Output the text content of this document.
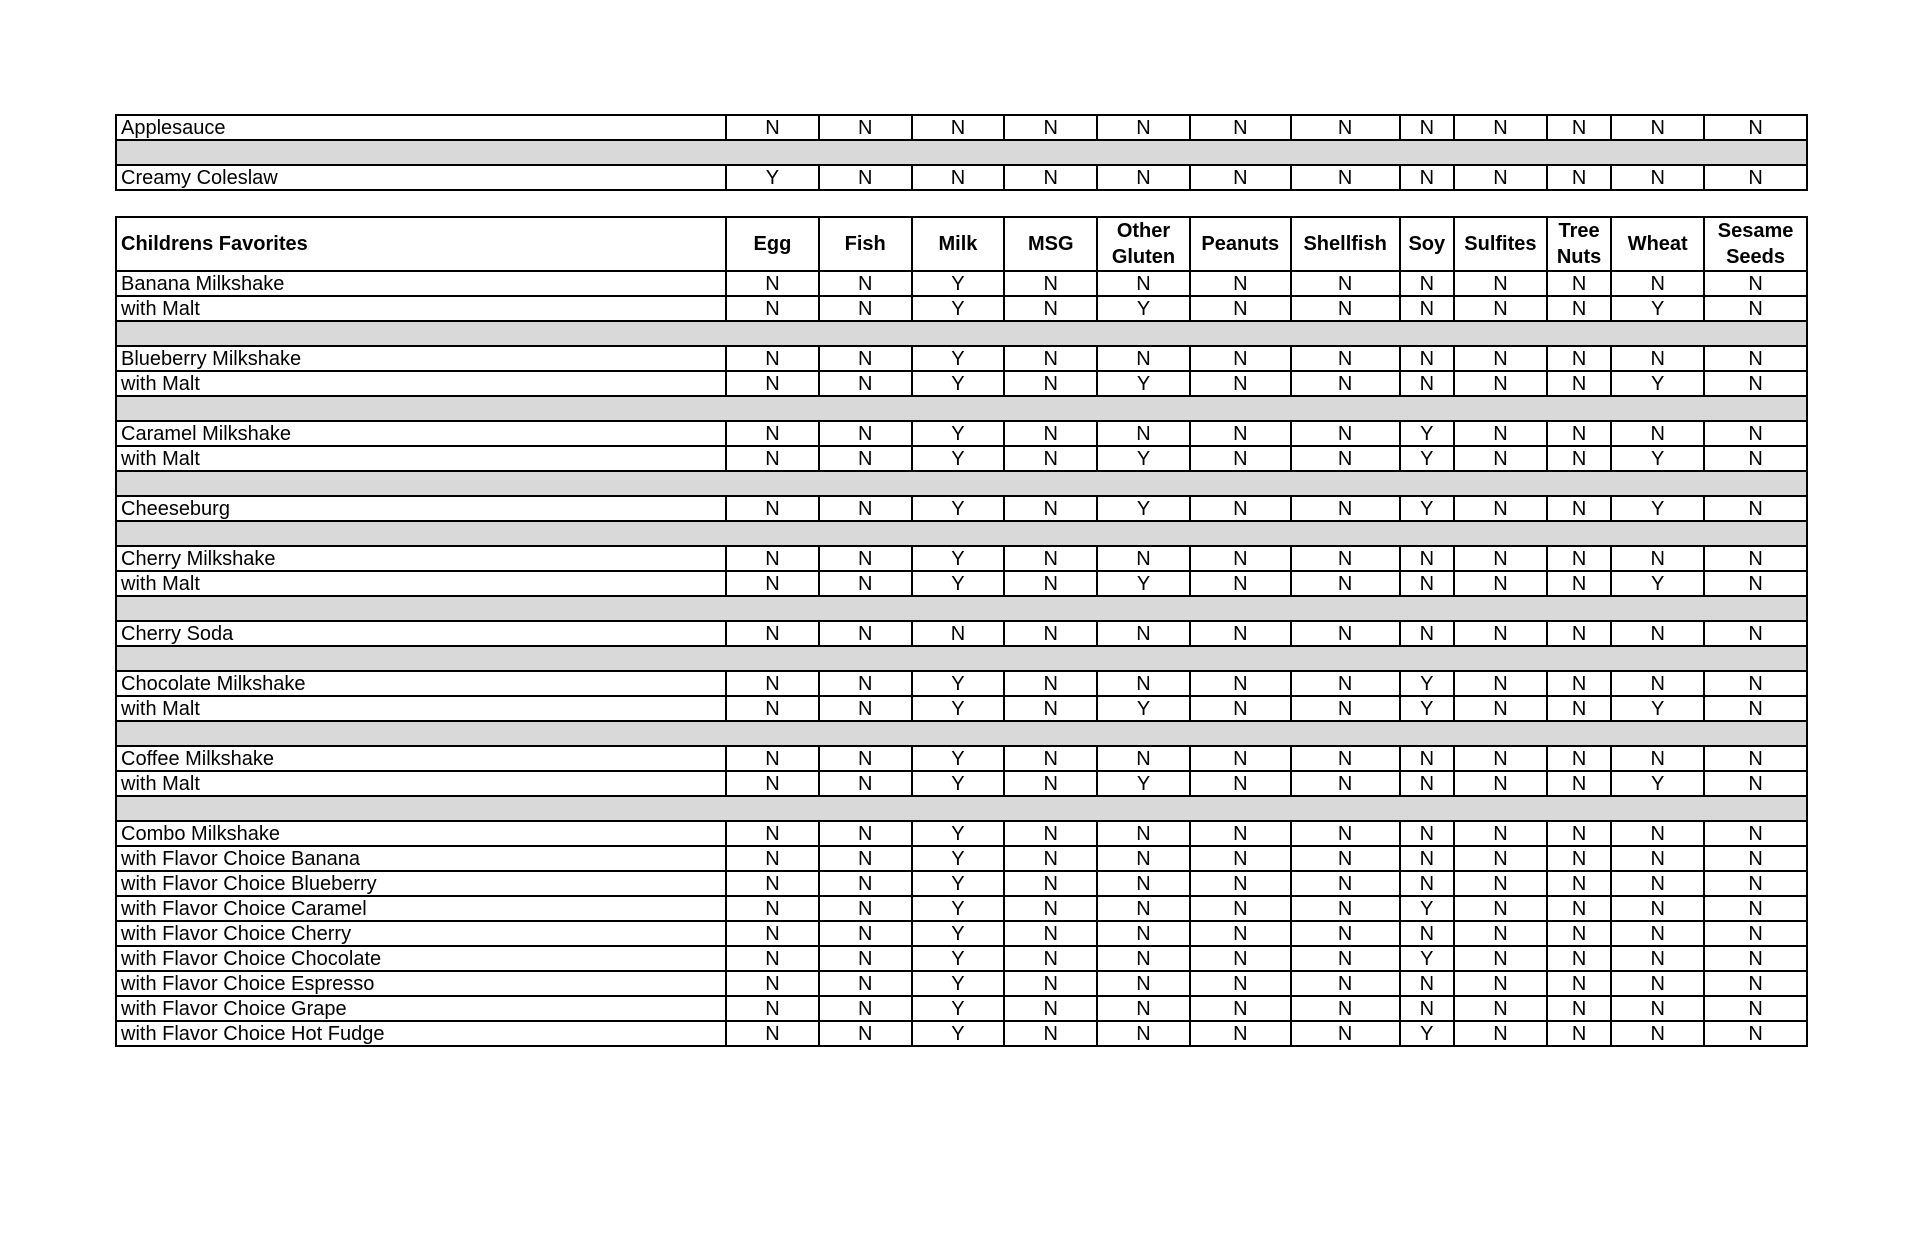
Applesauce	N	N	N	N	N	N	N	N	N	N	N	N

Creamy Coleslaw	Y	N	N	N	N	N	N	N	N	N	N	N
Childrens Favorites	Egg	Fish	Milk	MSG	Other Gluten	Peanuts	Shellfish	Soy	Sulfites	Tree Nuts	Wheat	Sesame Seeds
Banana Milkshake	N	N	Y	N	N	N	N	N	N	N	N	N
with Malt	N	N	Y	N	Y	N	N	N	N	N	Y	N

Blueberry Milkshake	N	N	Y	N	N	N	N	N	N	N	N	N
with Malt	N	N	Y	N	Y	N	N	N	N	N	Y	N

Caramel Milkshake	N	N	Y	N	N	N	N	Y	N	N	N	N
with Malt	N	N	Y	N	Y	N	N	Y	N	N	Y	N

Cheeseburg	N	N	Y	N	Y	N	N	Y	N	N	Y	N

Cherry Milkshake	N	N	Y	N	N	N	N	N	N	N	N	N
with Malt	N	N	Y	N	Y	N	N	N	N	N	Y	N

Cherry Soda	N	N	N	N	N	N	N	N	N	N	N	N

Chocolate Milkshake	N	N	Y	N	N	N	N	Y	N	N	N	N
with Malt	N	N	Y	N	Y	N	N	Y	N	N	Y	N

Coffee Milkshake	N	N	Y	N	N	N	N	N	N	N	N	N
with Malt	N	N	Y	N	Y	N	N	N	N	N	Y	N

Combo Milkshake	N	N	Y	N	N	N	N	N	N	N	N	N
with Flavor Choice Banana	N	N	Y	N	N	N	N	N	N	N	N	N
with Flavor Choice Blueberry	N	N	Y	N	N	N	N	N	N	N	N	N
with Flavor Choice Caramel	N	N	Y	N	N	N	N	Y	N	N	N	N
with Flavor Choice Cherry	N	N	Y	N	N	N	N	N	N	N	N	N
with Flavor Choice Chocolate	N	N	Y	N	N	N	N	Y	N	N	N	N
with Flavor Choice Espresso	N	N	Y	N	N	N	N	N	N	N	N	N
with Flavor Choice Grape	N	N	Y	N	N	N	N	N	N	N	N	N
with Flavor Choice Hot Fudge	N	N	Y	N	N	N	N	Y	N	N	N	N
